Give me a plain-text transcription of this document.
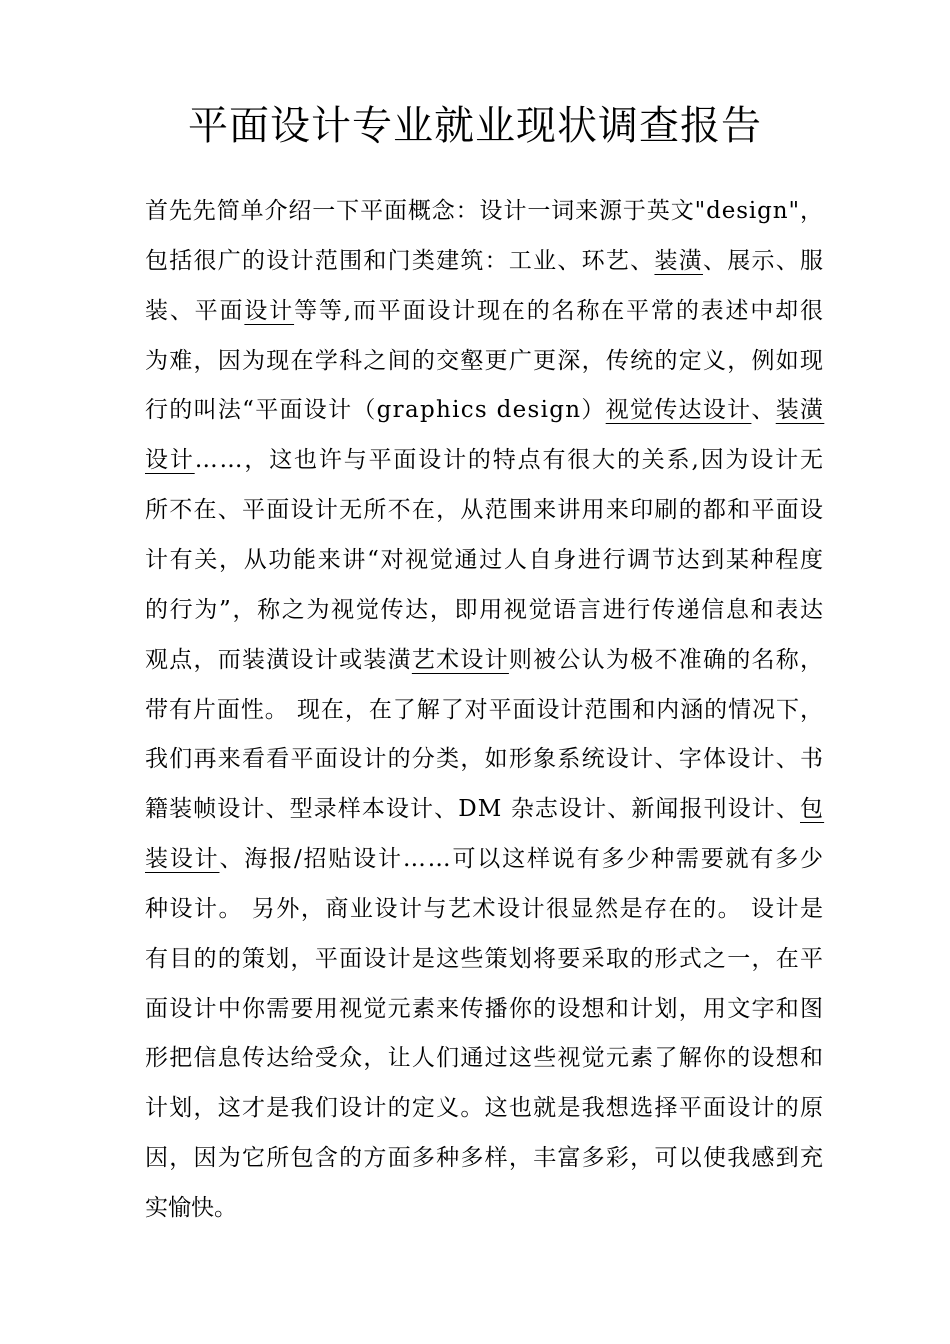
平面设计专业就业现状调查报告
首先先简单介绍一下平面概念：设计一词来源于英文"design"，
包括很广的设计范围和门类建筑：工业、环艺、装潢、展示、服
装、平面设计等等,而平面设计现在的名称在平常的表述中却很
为难，因为现在学科之间的交壑更广更深，传统的定义，例如现
行的叫法“平面设计（graphics design）视觉传达设计、装潢
设计……，这也许与平面设计的特点有很大的关系,因为设计无
所不在、平面设计无所不在，从范围来讲用来印刷的都和平面设
计有关，从功能来讲“对视觉通过人自身进行调节达到某种程度
的行为”，称之为视觉传达，即用视觉语言进行传递信息和表达
观点，而装潢设计或装潢艺术设计则被公认为极不准确的名称，
带有片面性。 现在，在了解了对平面设计范围和内涵的情况下，
我们再来看看平面设计的分类，如形象系统设计、字体设计、书
籍装帧设计、型录样本设计、DM 杂志设计、新闻报刊设计、包
装设计、海报/招贴设计……可以这样说有多少种需要就有多少
种设计。 另外，商业设计与艺术设计很显然是存在的。 设计是
有目的的策划，平面设计是这些策划将要采取的形式之一，在平
面设计中你需要用视觉元素来传播你的设想和计划，用文字和图
形把信息传达给受众，让人们通过这些视觉元素了解你的设想和
计划，这才是我们设计的定义。这也就是我想选择平面设计的原
因，因为它所包含的方面多种多样，丰富多彩，可以使我感到充
实愉快。
